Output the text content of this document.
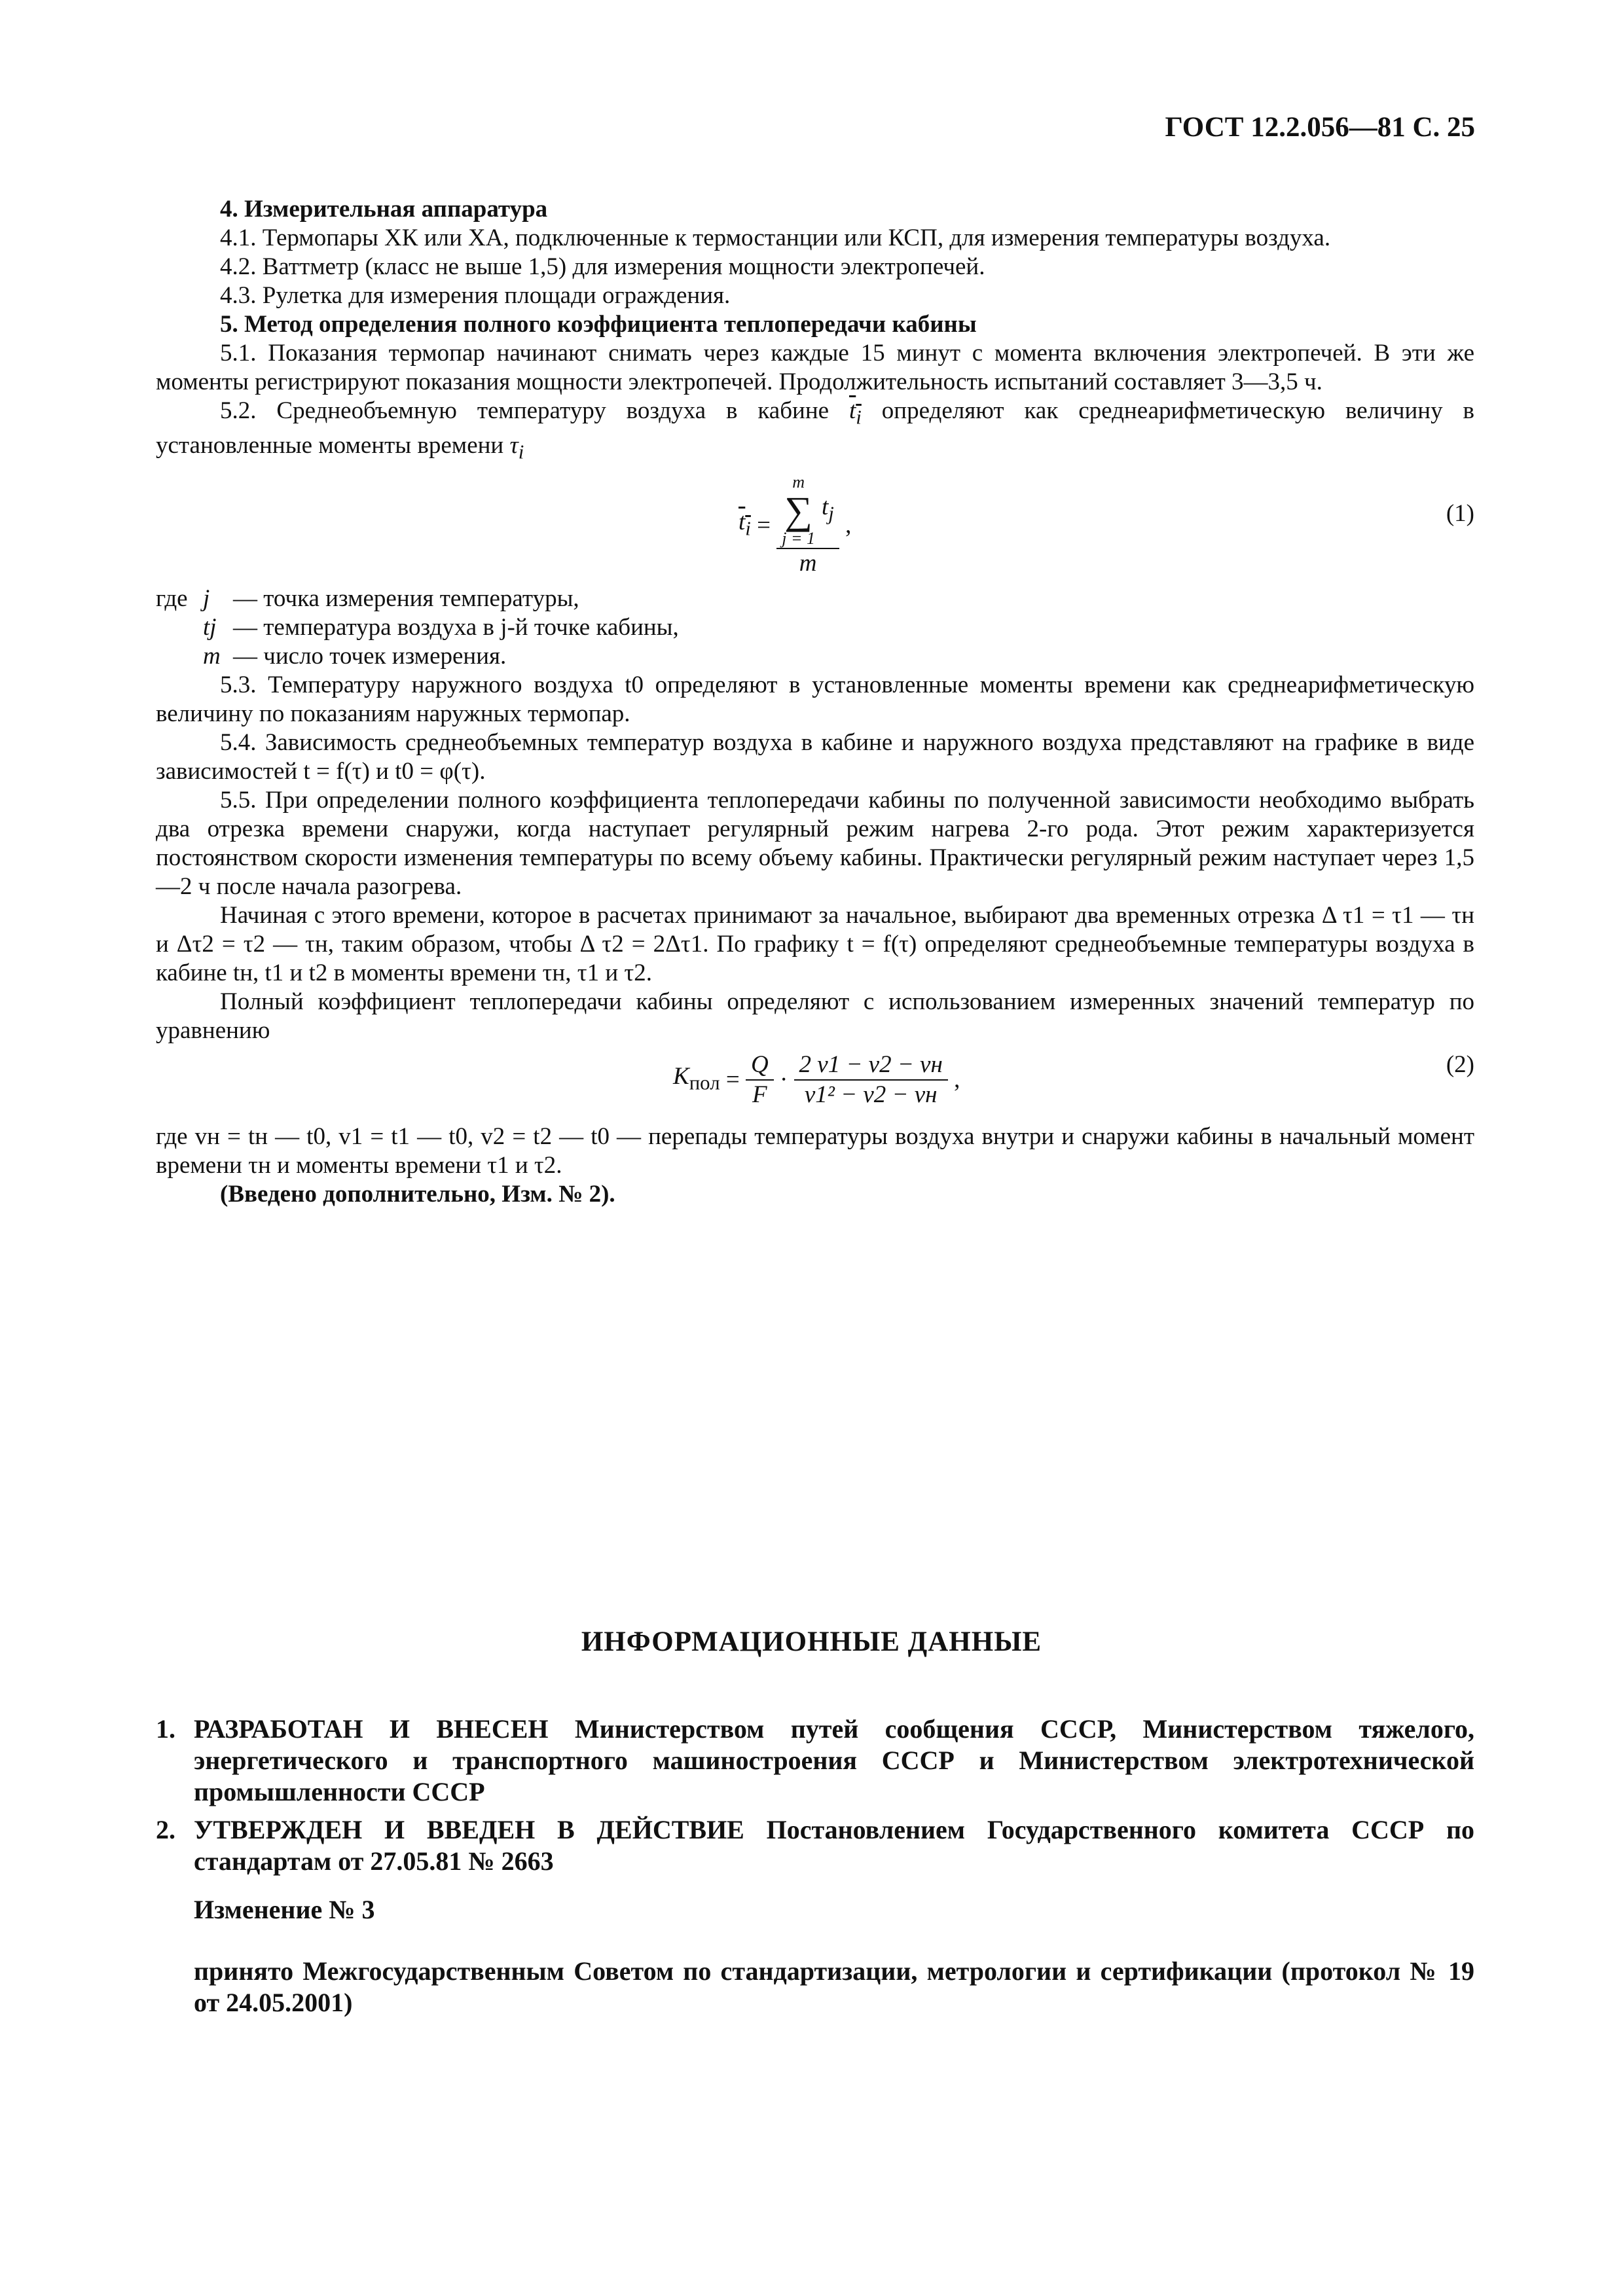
ГОСТ 12.2.056—81 С. 25

4. Измерительная аппаратура

4.1. Термопары ХК или ХА, подключенные к термостанции или КСП, для измерения температуры воздуха.

4.2. Ваттметр (класс не выше 1,5) для измерения мощности электропечей.

4.3. Рулетка для измерения площади ограждения.

5. Метод определения полного коэффициента теплопередачи кабины

5.1. Показания термопар начинают снимать через каждые 15 минут с момента включения электропечей. В эти же моменты регистрируют показания мощности электропечей. Продолжительность испытаний составляет 3—3,5 ч.

5.2. Среднеобъемную температуру воздуха в кабине $t_i$ определяют как среднеарифметическую величину в установленные моменты времени $\tau_i$

$t_i$ =
m
∑
j = 1
$t_j$
m
,	(1)
где	j	— точка измерения температуры,
	tj	— температура воздуха в j-й точке кабины,
	m	— число точек измерения.

5.3. Температуру наружного воздуха t0 определяют в установленные моменты времени как среднеарифметическую величину по показаниям наружных термопар.

5.4. Зависимость среднеобъемных температур воздуха в кабине и наружного воздуха представляют на графике в виде зависимостей t = f(τ) и t0 = φ(τ).

5.5. При определении полного коэффициента теплопередачи кабины по полученной зависимости необходимо выбрать два отрезка времени снаружи, когда наступает регулярный режим нагрева 2-го рода. Этот режим характеризуется постоянством скорости изменения температуры по всему объему кабины. Практически регулярный режим наступает через 1,5—2 ч после начала разогрева.

Начиная с этого времени, которое в расчетах принимают за начальное, выбирают два временных отрезка Δ τ1 = τ1 — τн и Δτ2 = τ2 — τн, таким образом, чтобы Δ τ2 = 2Δτ1. По графику t = f(τ) определяют среднеобъемные температуры воздуха в кабине tн, t1 и t2 в моменты времени τн, τ1 и τ2.

Полный коэффициент теплопередачи кабины определяют с использованием измеренных значений температур по уравнению

$K_{пол} = \frac{Q}{F} \cdot \frac{2 v1 - v2 - vн}{\text{v1² − v2 − vн}}$ ,
(2)

где vн = tн — t0, v1 = t1 — t0, v2 = t2 — t0 — перепады температуры воздуха внутри и снаружи кабины в начальный момент времени τн и моменты времени τ1 и τ2.

(Введено дополнительно, Изм. № 2).

ИНФОРМАЦИОННЫЕ ДАННЫЕ
1. РАЗРАБОТАН И ВНЕСЕН Министерством путей сообщения СССР, Министерством тяжелого, энергетического и транспортного машиностроения СССР и Министерством электротехнической промышленности СССР
2. УТВЕРЖДЕН И ВВЕДЕН В ДЕЙСТВИЕ Постановлением Государственного комитета СССР по стандартам от 27.05.81 № 2663
Изменение № 3
принято Межгосударственным Советом по стандартизации, метрологии и сертификации (протокол № 19 от 24.05.2001)
